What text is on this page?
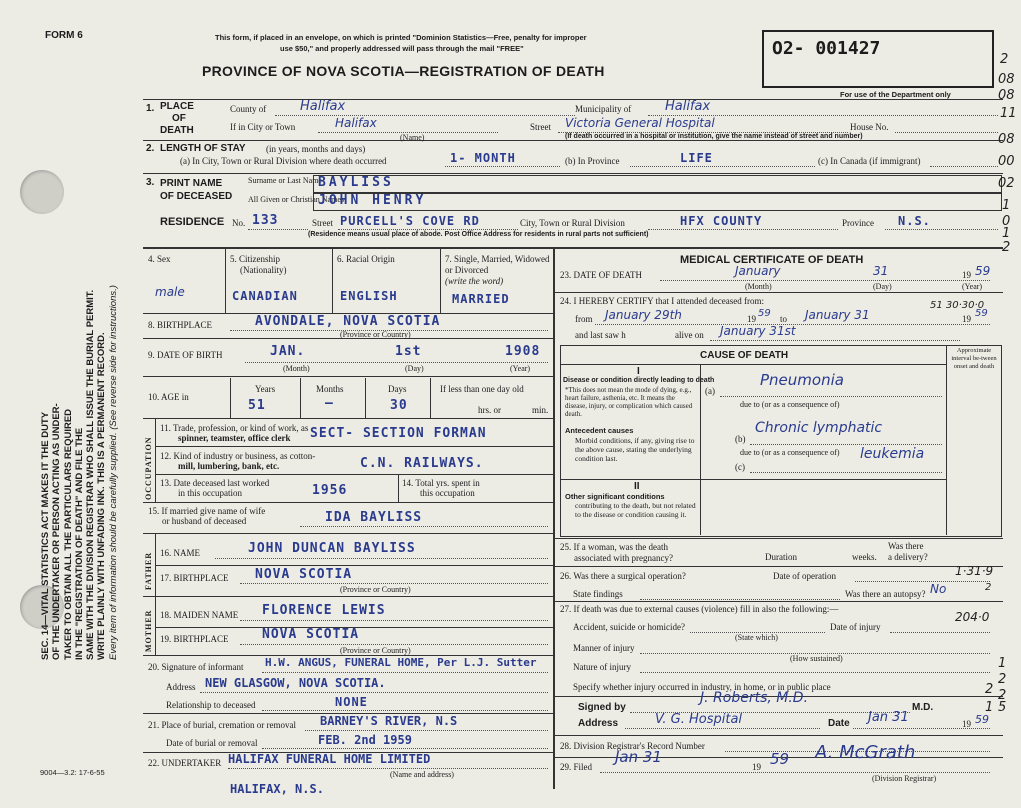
SEC. 14—VITAL STATISTICS ACT MAKES IT THE DUTY OF THE UNDERTAKER OR PERSON ACTING AS UNDER- TAKER TO OBTAIN ALL THE PARTICULARS REQUIRED IN THE "REGISTRATION OF DEATH" AND FILE THE SAME WITH THE DIVISION REGISTRAR WHO SHALL ISSUE THE BURIAL PERMIT. WRITE PLAINLY WITH UNFADING INK. THIS IS A PERMANENT RECORD. Every item of information should be carefully supplied. (See reverse side for instructions.)
FORM 6	This form, if placed in an envelope, on which is printed "Dominion Statistics—Free, penalty for improper
use $50," and properly addressed will pass through the mail "FREE"
PROVINCE OF NOVA SCOTIA—REGISTRATION OF DEATH
O2- 001427
For use of the Department only
1. PLACE
OF
DEATH
County of	Halifax	Municipality of	Halifax
If in City or Town	Halifax
(Name)
Street Victoria General Hospital	House No.
(If death occurred in a hospital or institution, give the name instead of street and number)
2. LENGTH OF STAY (in years, months and days)
(a) In City, Town or Rural Division where death occurred	1- MONTH	(b) In Province	LIFE	(c) In Canada (if immigrant)
3. PRINT NAME
OF DECEASED
Surname or Last Name
BAYLISS
All Given or Christian Names
JOHN HENRY
RESIDENCE No. 133	Street PURCELL'S COVE RD	City, Town or Rural Division	HFX COUNTY	Province N.S.
(Residence means usual place of abode. Post Office Address for residents in rural parts not sufficient)
4. Sex
male
5. Citizenship
(Nationality)
CANADIAN
6. Racial Origin
ENGLISH
7. Single, Married, Widowed or Divorced
(write the word)
MARRIED
8. BIRTHPLACE	AVONDALE, NOVA SCOTIA
(Province or Country)
9. DATE OF BIRTH	JAN.	1st	1908
(Month)	(Day)	(Year)
10. AGE in
Years	Months	Days
51	—	30
If less than one day old
hrs. or	min.
OCCUPATION
11. Trade, profession, or kind of work, as
spinner, teamster, office clerk	SECT- SECTION FORMAN
12. Kind of industry or business, as cotton-
mill, lumbering, bank, etc.	C.N. RAILWAYS.
13. Date deceased last worked
in this occupation	1956	14. Total yrs. spent in
this occupation
15. If married give name of wife
or husband of deceased	IDA BAYLISS
FATHER 16. NAME	JOHN DUNCAN BAYLISS
17. BIRTHPLACE NOVA SCOTIA
(Province or Country)
MOTHER 18. MAIDEN NAME FLORENCE LEWIS
19. BIRTHPLACE	NOVA SCOTIA
(Province or Country)
20. Signature of informant H.W. ANGUS, FUNERAL HOME, Per L.J. Sutter
Address NEW GLASGOW, NOVA SCOTIA.
Relationship to deceased	NONE
21. Place of burial, cremation or removal BARNEY'S RIVER, N.S
Date of burial or removal	FEB. 2nd 1959
22. UNDERTAKER HALIFAX FUNERAL HOME LIMITED
(Name and address)
HALIFAX, N.S.
9004—3.2: 17-6-55
MEDICAL CERTIFICATE OF DEATH
23. DATE OF DEATH	January	31	19 59
(Month)	(Day)	(Year)
24. I HEREBY CERTIFY that I attended deceased from:
from January 29th	19 59 to January 31	19 59
and last saw h	alive on January 31st
CAUSE OF DEATH	Approximate interval be-tween onset and death
I
Disease or condition directly leading to death
*This does not mean the mode of dying, e.g., heart failure, asthenia, etc. It means the disease, injury, or complication which caused death.
(a)
Pneumonia
due to (or as a consequence of)
Antecedent causes
Morbid conditions, if any, giving rise to the above cause, stating the underlying condition last.
(b)
Chronic lymphatic
due to (or as a consequence of)
(c)
leukemia
II
Other significant conditions
contributing to the death, but not related to the disease or condition causing it.
25. If a woman, was the death
associated with pregnancy?	Duration	weeks.
Was there
a delivery?
26. Was there a surgical operation?	Date of operation
State findings	Was there an autopsy? No
27. If death was due to external causes (violence) fill in also the following:—
Accident, suicide or homicide?	Date of injury
(State which)
Manner of injury
(How sustained)
Nature of injury
Specify whether injury occurred in industry, in home, or in public place
Signed by
J. Roberts, M.D.
M.D.
Address	V. G. Hospital	Date Jan 31	19 59
28. Division Registrar's Record Number
29. Filed
Jan 31
19 59 A. McGrath
(Division Registrar)
1·31·9
51 30·30·0
204·0
2
2
08
08
11
08
00
02
1
0
1
2
1
2
2
5
2
1
